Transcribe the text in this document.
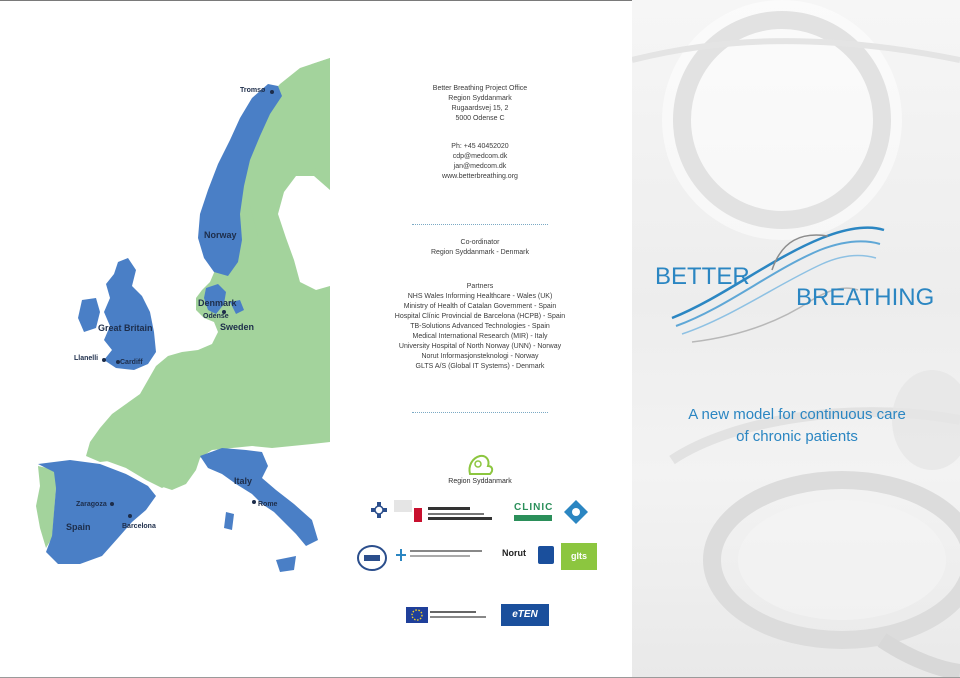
Tromsø
Norway
Denmark
Odense
Sweden
Great Britain
Llanelli
Cardiff
Zaragoza
Barcelona
Spain
Italy
Rome
Better Breathing Project Office
Region Syddanmark
Rugaardsvej 15, 2
5000 Odense C
Ph: +45 40452020
cdp@medcom.dk
jan@medcom.dk
www.betterbreathing.org
Co-ordinator
Region Syddanmark - Denmark
Partners
NHS Wales Informing Healthcare - Wales (UK)
Ministry of Health of Catalan Government - Spain
Hospital Clínic Provincial de Barcelona (HCPB) - Spain
TB-Solutions Advanced Technologies - Spain
Medical International Research (MIR) - Italy
University Hospital of North Norway (UNN) - Norway
Norut Informasjonsteknologi - Norway
GLTS A/S (Global IT Systems) - Denmark
Region Syddanmark
CLINIC
Norut	glts
eTEN
BETTER
BREATHING
A new model for continuous care
of chronic patients
